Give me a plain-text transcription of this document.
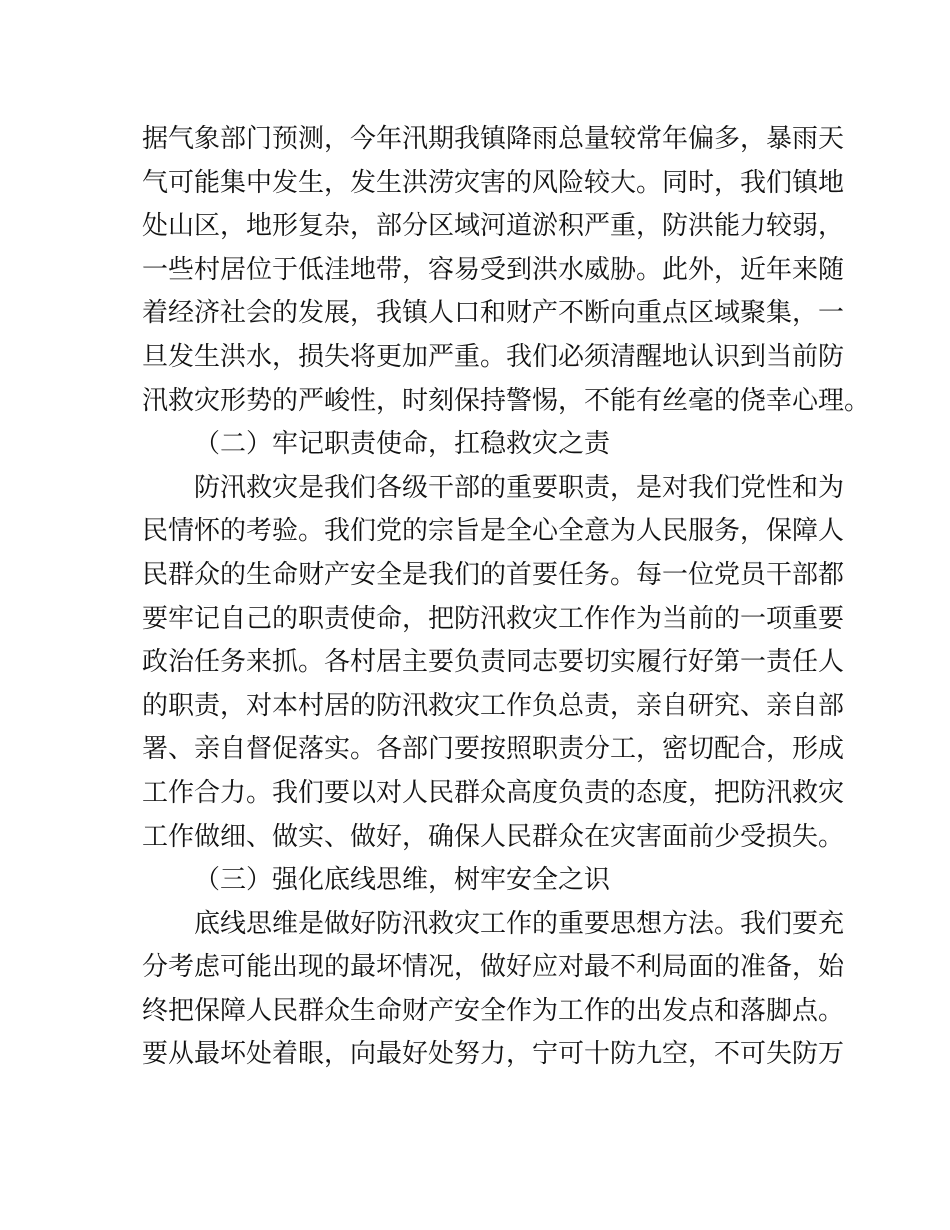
据气象部门预测，今年汛期我镇降雨总量较常年偏多，暴雨天
气可能集中发生，发生洪涝灾害的风险较大。同时，我们镇地
处山区，地形复杂，部分区域河道淤积严重，防洪能力较弱，
一些村居位于低洼地带，容易受到洪水威胁。此外，近年来随
着经济社会的发展，我镇人口和财产不断向重点区域聚集，一
旦发生洪水，损失将更加严重。我们必须清醒地认识到当前防
汛救灾形势的严峻性，时刻保持警惕，不能有丝毫的侥幸心理。
（二）牢记职责使命，扛稳救灾之责
防汛救灾是我们各级干部的重要职责，是对我们党性和为
民情怀的考验。我们党的宗旨是全心全意为人民服务，保障人
民群众的生命财产安全是我们的首要任务。每一位党员干部都
要牢记自己的职责使命，把防汛救灾工作作为当前的一项重要
政治任务来抓。各村居主要负责同志要切实履行好第一责任人
的职责，对本村居的防汛救灾工作负总责，亲自研究、亲自部
署、亲自督促落实。各部门要按照职责分工，密切配合，形成
工作合力。我们要以对人民群众高度负责的态度，把防汛救灾
工作做细、做实、做好，确保人民群众在灾害面前少受损失。
（三）强化底线思维，树牢安全之识
底线思维是做好防汛救灾工作的重要思想方法。我们要充
分考虑可能出现的最坏情况，做好应对最不利局面的准备，始
终把保障人民群众生命财产安全作为工作的出发点和落脚点。
要从最坏处着眼，向最好处努力，宁可十防九空，不可失防万
